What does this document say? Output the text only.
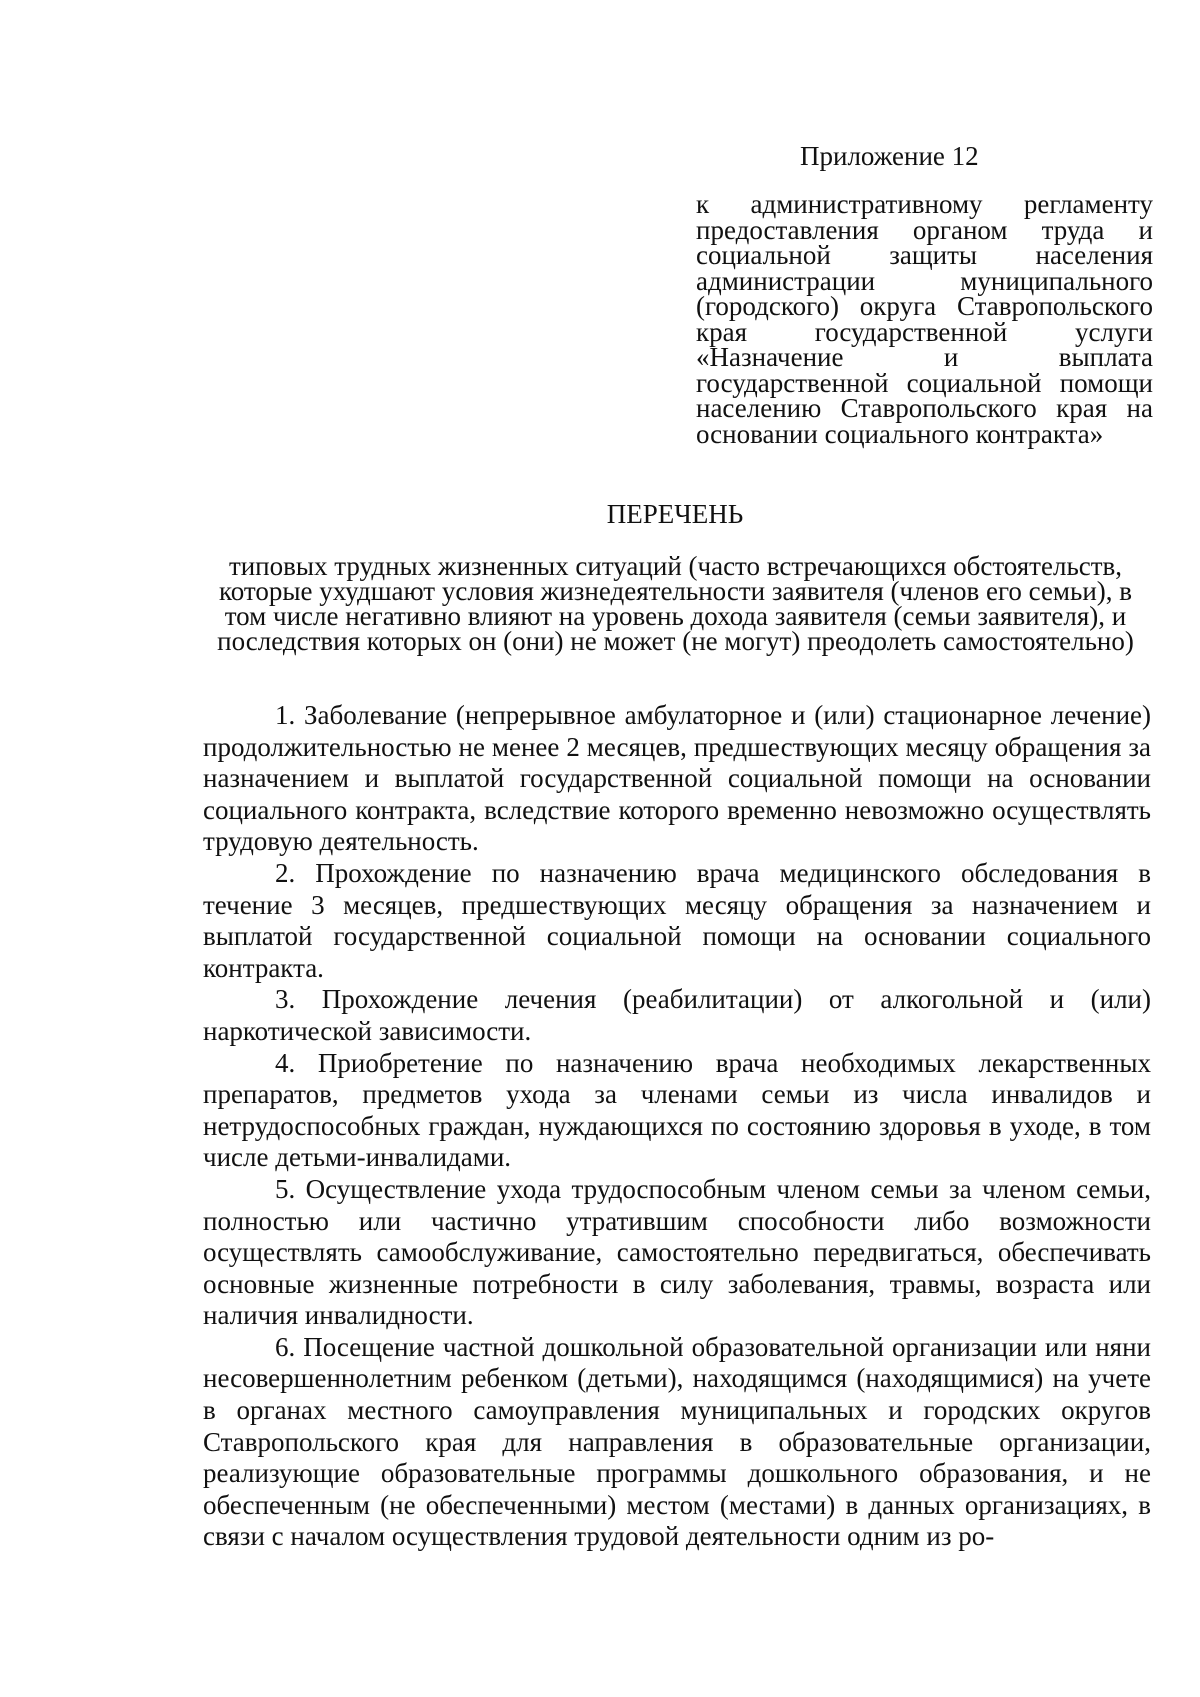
Приложение 12
к административному регламенту предоставления органом труда и социальной защиты населения администрации муниципального (городского) округа Ставропольского края государственной услуги «Назначение и выплата государственной социальной помощи населению Ставропольского края на основании социального контракта»
ПЕРЕЧЕНЬ
типовых трудных жизненных ситуаций (часто встречающихся обстоятельств, которые ухудшают условия жизнедеятельности заявителя (членов его семьи), в том числе негативно влияют на уровень дохода заявителя (семьи заявителя), и последствия которых он (они) не может (не могут) преодолеть самостоятельно)

1. Заболевание (непрерывное амбулаторное и (или) стационарное лечение) продолжительностью не менее 2 месяцев, предшествующих месяцу обращения за назначением и выплатой государственной социальной помощи на основании социального контракта, вследствие которого временно невозможно осуществлять трудовую деятельность.

2. Прохождение по назначению врача медицинского обследования в течение 3 месяцев, предшествующих месяцу обращения за назначением и выплатой государственной социальной помощи на основании социального контракта.

3. Прохождение лечения (реабилитации) от алкогольной и (или) наркотической зависимости.

4. Приобретение по назначению врача необходимых лекарственных препаратов, предметов ухода за членами семьи из числа инвалидов и нетрудоспособных граждан, нуждающихся по состоянию здоровья в уходе, в том числе детьми-инвалидами.

5. Осуществление ухода трудоспособным членом семьи за членом семьи, полностью или частично утратившим способности либо возможности осуществлять самообслуживание, самостоятельно передвигаться, обеспечивать основные жизненные потребности в силу заболевания, травмы, возраста или наличия инвалидности.

6. Посещение частной дошкольной образовательной организации или няни несовершеннолетним ребенком (детьми), находящимся (находящимися) на учете в органах местного самоуправления муниципальных и городских округов Ставропольского края для направления в образовательные организации, реализующие образовательные программы дошкольного образования, и не обеспеченным (не обеспеченными) местом (местами) в данных организациях, в связи с началом осуществления трудовой деятельности одним из ро-
